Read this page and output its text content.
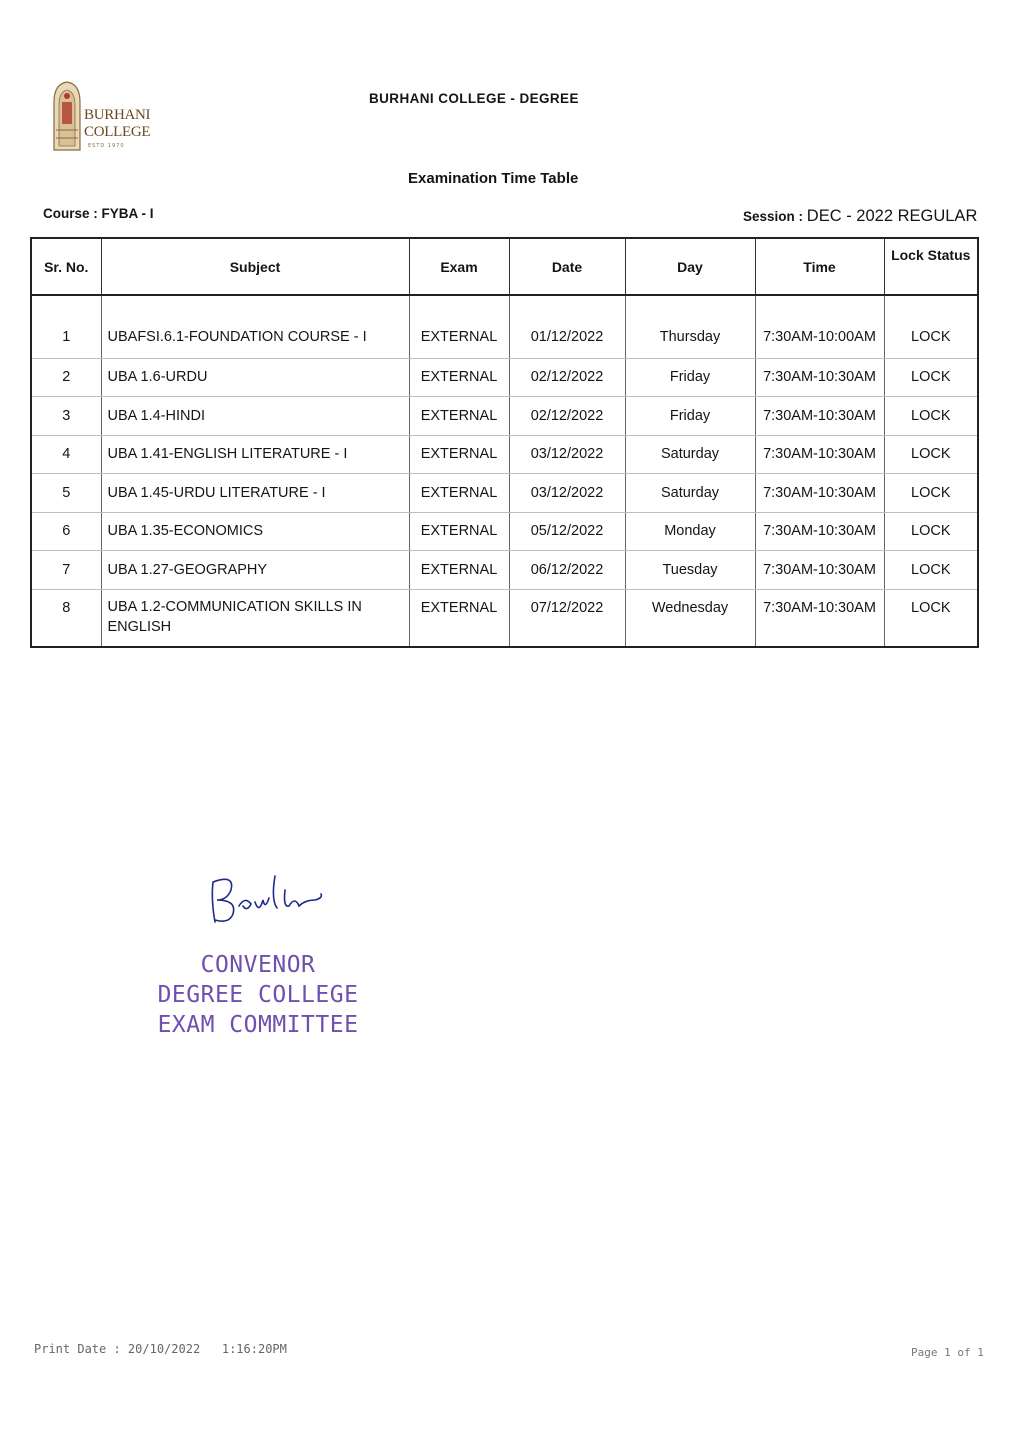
BURHANI
COLLEGE
ESTD 1970
BURHANI COLLEGE - DEGREE
Examination Time Table
Course : FYBA - I	Session : DEC - 2022 REGULAR
Sr. No.	Subject	Exam	Date	Day	Time	Lock Status
1	UBAFSI.6.1-FOUNDATION COURSE - I	EXTERNAL	01/12/2022	Thursday	7:30AM-10:00AM	LOCK
2	UBA 1.6-URDU	EXTERNAL	02/12/2022	Friday	7:30AM-10:30AM	LOCK
3	UBA 1.4-HINDI	EXTERNAL	02/12/2022	Friday	7:30AM-10:30AM	LOCK
4	UBA 1.41-ENGLISH LITERATURE - I	EXTERNAL	03/12/2022	Saturday	7:30AM-10:30AM	LOCK
5	UBA 1.45-URDU LITERATURE - I	EXTERNAL	03/12/2022	Saturday	7:30AM-10:30AM	LOCK
6	UBA 1.35-ECONOMICS	EXTERNAL	05/12/2022	Monday	7:30AM-10:30AM	LOCK
7	UBA 1.27-GEOGRAPHY	EXTERNAL	06/12/2022	Tuesday	7:30AM-10:30AM	LOCK
8	UBA 1.2-COMMUNICATION SKILLS IN ENGLISH	EXTERNAL	07/12/2022	Wednesday	7:30AM-10:30AM	LOCK
CONVENOR
DEGREE COLLEGE
EXAM COMMITTEE
Print Date : 20/10/2022   1:16:20PM	Page 1 of 1
